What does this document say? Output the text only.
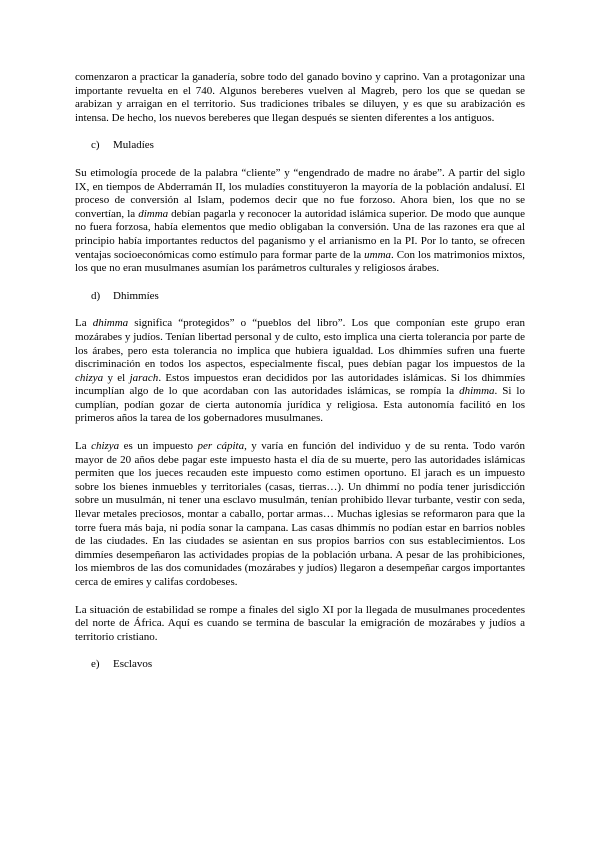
comenzaron a practicar la ganadería, sobre todo del ganado bovino y caprino. Van a protagonizar una importante revuelta en el 740. Algunos bereberes vuelven al Magreb, pero los que se quedan se arabizan y arraigan en el territorio. Sus tradiciones tribales se diluyen, y es que su arabización es intensa. De hecho, los nuevos bereberes que llegan después se sienten diferentes a los antiguos.

c) Muladíes

Su etimología procede de la palabra “cliente” y “engendrado de madre no árabe”. A partir del siglo IX, en tiempos de Abderramán II, los muladíes constituyeron la mayoría de la población andalusí. El proceso de conversión al Islam, podemos decir que no fue forzoso. Ahora bien, los que no se convertían, la dimma debían pagarla y reconocer la autoridad islámica superior. De modo que aunque no fuera forzosa, había elementos que medio obligaban la conversión. Una de las razones era que al principio había importantes reductos del paganismo y el arrianismo en la PI. Por lo tanto, se ofrecen ventajas socioeconómicas como estímulo para formar parte de la umma. Con los matrimonios mixtos, los que no eran musulmanes asumían los parámetros culturales y religiosos árabes.

d) Dhimmíes

La dhimma significa “protegidos” o “pueblos del libro”. Los que componían este grupo eran mozárabes y judíos. Tenían libertad personal y de culto, esto implica una cierta tolerancia por parte de los árabes, pero esta tolerancia no implica que hubiera igualdad. Los dhimmíes sufren una fuerte discriminación en todos los aspectos, especialmente fiscal, pues debían pagar los impuestos de la chizya y el jarach. Estos impuestos eran decididos por las autoridades islámicas. Si los dhimmíes incumplían algo de lo que acordaban con las autoridades islámicas, se rompía la dhimma. Si lo cumplían, podían gozar de cierta autonomía jurídica y religiosa. Esta autonomía facilitó en los primeros años la tarea de los gobernadores musulmanes.

La chizya es un impuesto per cápita, y varía en función del individuo y de su renta. Todo varón mayor de 20 años debe pagar este impuesto hasta el día de su muerte, pero las autoridades islámicas permiten que los jueces recauden este impuesto como estimen oportuno. El jarach es un impuesto sobre los bienes inmuebles y territoriales (casas, tierras…). Un dhimmí no podía tener jurisdicción sobre un musulmán, ni tener una esclavo musulmán, tenían prohibido llevar turbante, vestir con seda, llevar metales preciosos, montar a caballo, portar armas… Muchas iglesias se reformaron para que la torre fuera más baja, ni podía sonar la campana. Las casas dhimmís no podían estar en barrios nobles de las ciudades. En las ciudades se asientan en sus propios barrios con sus establecimientos. Los dimmíes desempeñaron las actividades propias de la población urbana. A pesar de las prohibiciones, los miembros de las dos comunidades (mozárabes y judíos) llegaron a desempeñar cargos importantes cerca de emires y califas cordobeses.

La situación de estabilidad se rompe a finales del siglo XI por la llegada de musulmanes procedentes del norte de África. Aquí es cuando se termina de bascular la emigración de mozárabes y judíos a territorio cristiano.

e) Esclavos
